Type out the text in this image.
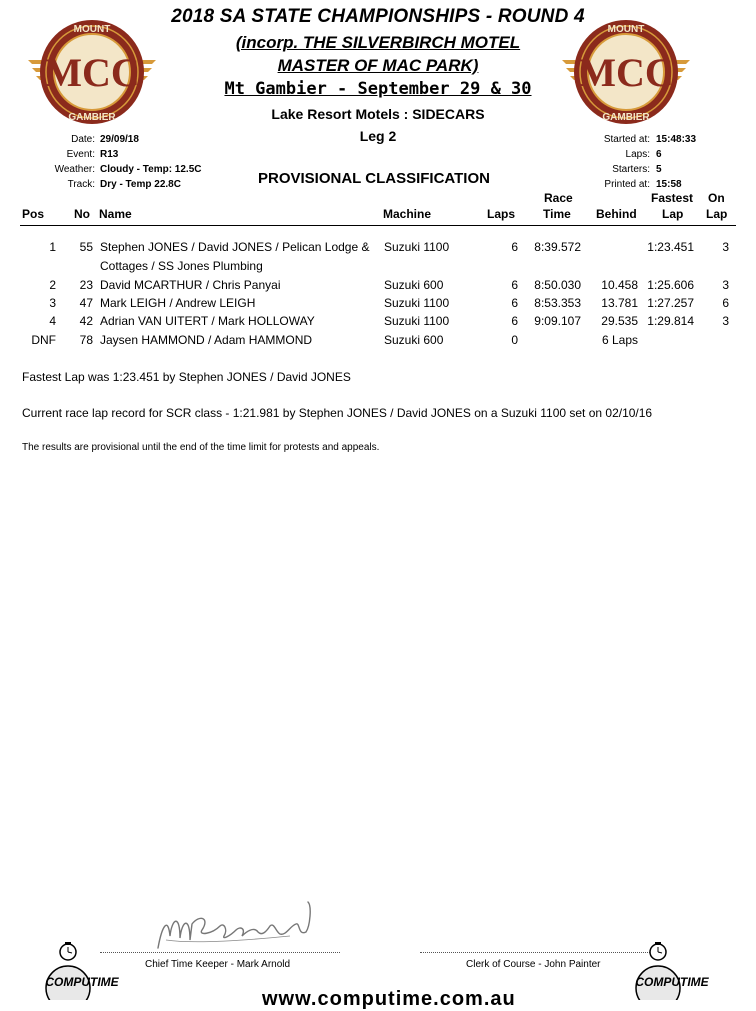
2018 SA STATE CHAMPIONSHIPS - ROUND 4
(incorp. THE SILVERBIRCH MOTEL
MASTER OF MAC PARK)
Mt Gambier - September 29 & 30
MOUNT
GAMBIER
MCC
MOUNT
GAMBIER
MCC
Lake Resort Motels : SIDECARS
Leg 2
Date: 29/09/18
Event: R13
Weather: Cloudy - Temp: 12.5C
Track: Dry - Temp 22.8C	PROVISIONAL CLASSIFICATION
Started at: 15:48:33
Laps: 6
Starters: 5
Printed at: 15:58
Pos No Name	Machine	Laps
Race
Time Behind
Fastest
Lap
On
Lap
1	55 Stephen JONES / David JONES / Pelican Lodge &
Cottages / SS Jones Plumbing
Suzuki 1100	6	8:39.572	1:23.451	3
2	23 David MCARTHUR / Chris Panyai	Suzuki 600	6	8:50.030	10.458 1:25.606	3
3	47 Mark LEIGH / Andrew LEIGH	Suzuki 1100	6	8:53.353	13.781 1:27.257	6
4	42 Adrian VAN UITERT / Mark HOLLOWAY	Suzuki 1100	6	9:09.107	29.535 1:29.814	3
DNF	78 Jaysen HAMMOND / Adam HAMMOND	Suzuki 600	0	6 Laps
Fastest Lap was 1:23.451 by Stephen JONES / David JONES
Current race lap record for SCR class - 1:21.981 by Stephen JONES / David JONES on a Suzuki 1100 set on 02/10/16
The results are provisional until the end of the time limit for protests and appeals.
Chief Time Keeper - Mark Arnold	Clerk of Course - John Painter
COMPUTIME	COMPUTIME
www.computime.com.au
